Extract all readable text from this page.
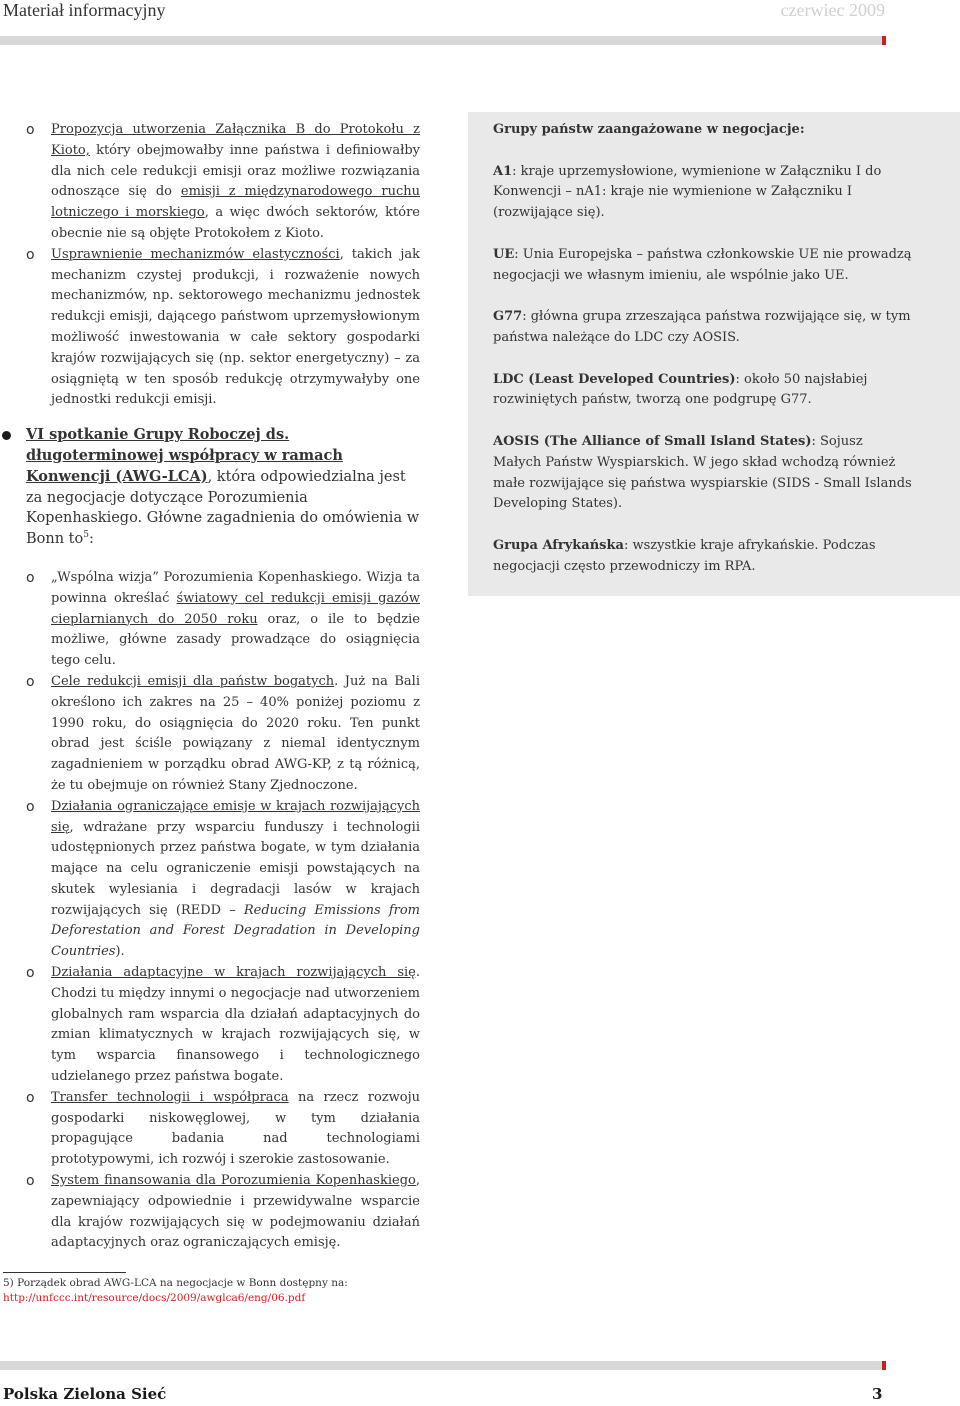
Materiał informacyjny	czerwiec 2009
o	Propozycja utworzenia Załącznika B do Protokołu z Kioto, który obejmowałby inne państwa i definiowałby dla nich cele redukcji emisji oraz możliwe rozwiązania odnoszące się do emisji z międzynarodowego ruchu lotniczego i morskiego, a więc dwóch sektorów, które obecnie nie są objęte Protokołem z Kioto.
o	Usprawnienie mechanizmów elastyczności, takich jak mechanizm czystej produkcji, i rozważenie nowych mechanizmów, np. sektorowego mechanizmu jednostek redukcji emisji, dającego państwom uprzemysłowionym możliwość inwestowania w całe sektory gospodarki krajów rozwijających się (np. sektor energetyczny) – za osiągniętą w ten sposób redukcję otrzymywałyby one jednostki redukcji emisji.
VI spotkanie Grupy Roboczej ds. długoterminowej współpracy w ramach Konwencji (AWG-LCA), która odpowiedzialna jest za negocjacje dotyczące Porozumienia Kopenhaskiego. Główne zagadnienia do omówienia w Bonn $to^5$:
o	„Wspólna wizja” Porozumienia Kopenhaskiego. Wizja ta powinna określać światowy cel redukcji emisji gazów cieplarnianych do 2050 roku oraz, o ile to będzie możliwe, główne zasady prowadzące do osiągnięcia tego celu.
o	Cele redukcji emisji dla państw bogatych. Już na Bali określono ich zakres na 25 – 40% poniżej poziomu z 1990 roku, do osiągnięcia do 2020 roku. Ten punkt obrad jest ściśle powiązany z niemal identycznym zagadnieniem w porządku obrad AWG-KP, z tą różnicą, że tu obejmuje on również Stany Zjednoczone.
o	Działania ograniczające emisje w krajach rozwijających się, wdrażane przy wsparciu funduszy i technologii udostępnionych przez państwa bogate, w tym działania mające na celu ograniczenie emisji powstających na skutek wylesiania i degradacji lasów w krajach rozwijających się (REDD – Reducing Emissions from Deforestation and Forest Degradation in Developing Countries).
o	Działania adaptacyjne w krajach rozwijających się. Chodzi tu między innymi o negocjacje nad utworzeniem globalnych ram wsparcia dla działań adaptacyjnych do zmian klimatycznych w krajach rozwijających się, w tym wsparcia finansowego i technologicznego udzielanego przez państwa bogate.
o	Transfer technologii i współpraca na rzecz rozwoju gospodarki niskowęglowej, w tym działania propagujące badania nad technologiami prototypowymi, ich rozwój i szerokie zastosowanie.
o	System finansowania dla Porozumienia Kopenhaskiego, zapewniający odpowiednie i przewidywalne wsparcie dla krajów rozwijających się w podejmowaniu działań adaptacyjnych oraz ograniczających emisję.
Grupy państw zaangażowane w negocjacje:

A1: kraje uprzemysłowione, wymienione w Załączniku I do Konwencji – nA1: kraje nie wymienione w Załączniku I (rozwijające się).

UE: Unia Europejska – państwa członkowskie UE nie prowadzą negocjacji we własnym imieniu, ale wspólnie jako UE.

G77: główna grupa zrzeszająca państwa rozwijające się, w tym państwa należące do LDC czy AOSIS.

LDC (Least Developed Countries): około 50 najsłabiej rozwiniętych państw, tworzą one podgrupę G77.

AOSIS (The Alliance of Small Island States): Sojusz Małych Państw Wyspiarskich. W jego skład wchodzą również małe rozwijające się państwa wyspiarskie (SIDS - Small Islands Developing States).

Grupa Afrykańska: wszystkie kraje afrykańskie. Podczas negocjacji często przewodniczy im RPA.

5) Porządek obrad AWG-LCA na negocjacje w Bonn dostępny na: http://unfccc.int/resource/docs/2009/awglca6/eng/06.pdf
Polska Zielona Sieć	3
